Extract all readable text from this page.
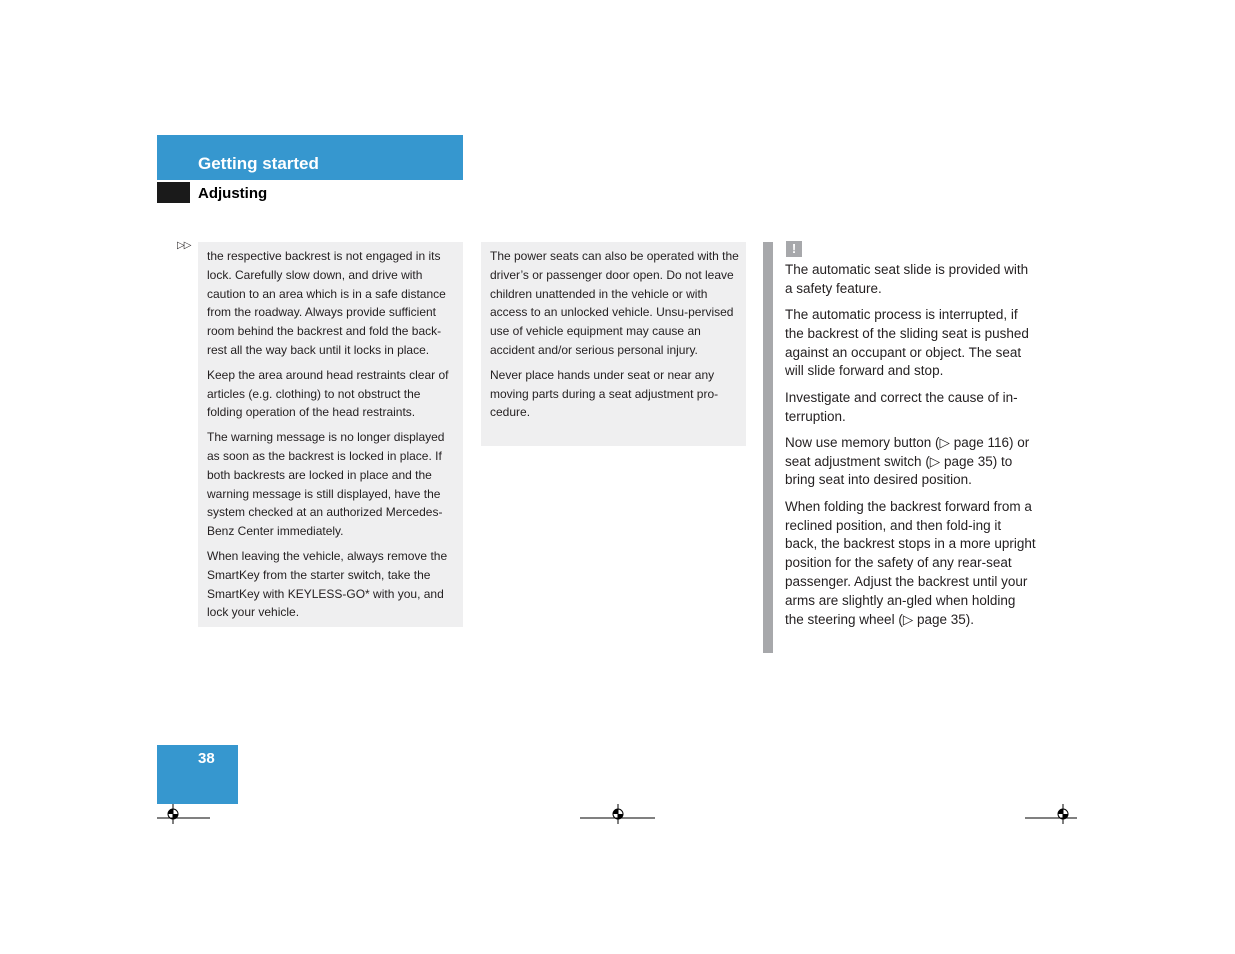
Getting started
Adjusting
▷▷

the respective backrest is not engaged in its lock. Carefully slow down, and drive with caution to an area which is in a safe distance from the roadway. Always provide sufficient room behind the backrest and fold the back-rest all the way back until it locks in place.

Keep the area around head restraints clear of articles (e.g. clothing) to not obstruct the folding operation of the head restraints.

The warning message is no longer displayed as soon as the backrest is locked in place. If both backrests are locked in place and the warning message is still displayed, have the system checked at an authorized Mercedes-Benz Center immediately.

When leaving the vehicle, always remove the SmartKey from the starter switch, take the SmartKey with KEYLESS-GO* with you, and lock your vehicle.

The power seats can also be operated with the driver’s or passenger door open. Do not leave children unattended in the vehicle or with access to an unlocked vehicle. Unsu-pervised use of vehicle equipment may cause an accident and/or serious personal injury.

Never place hands under seat or near any moving parts during a seat adjustment pro-cedure.

!

The automatic seat slide is provided with a safety feature.

The automatic process is interrupted, if the backrest of the sliding seat is pushed against an occupant or object. The seat will slide forward and stop.

Investigate and correct the cause of in-terruption.

Now use memory button (▷ page 116) or seat adjustment switch (▷ page 35) to bring seat into desired position.

When folding the backrest forward from a reclined position, and then fold-ing it back, the backrest stops in a more upright position for the safety of any rear-seat passenger. Adjust the backrest until your arms are slightly an-gled when holding the steering wheel (▷ page 35).

38
